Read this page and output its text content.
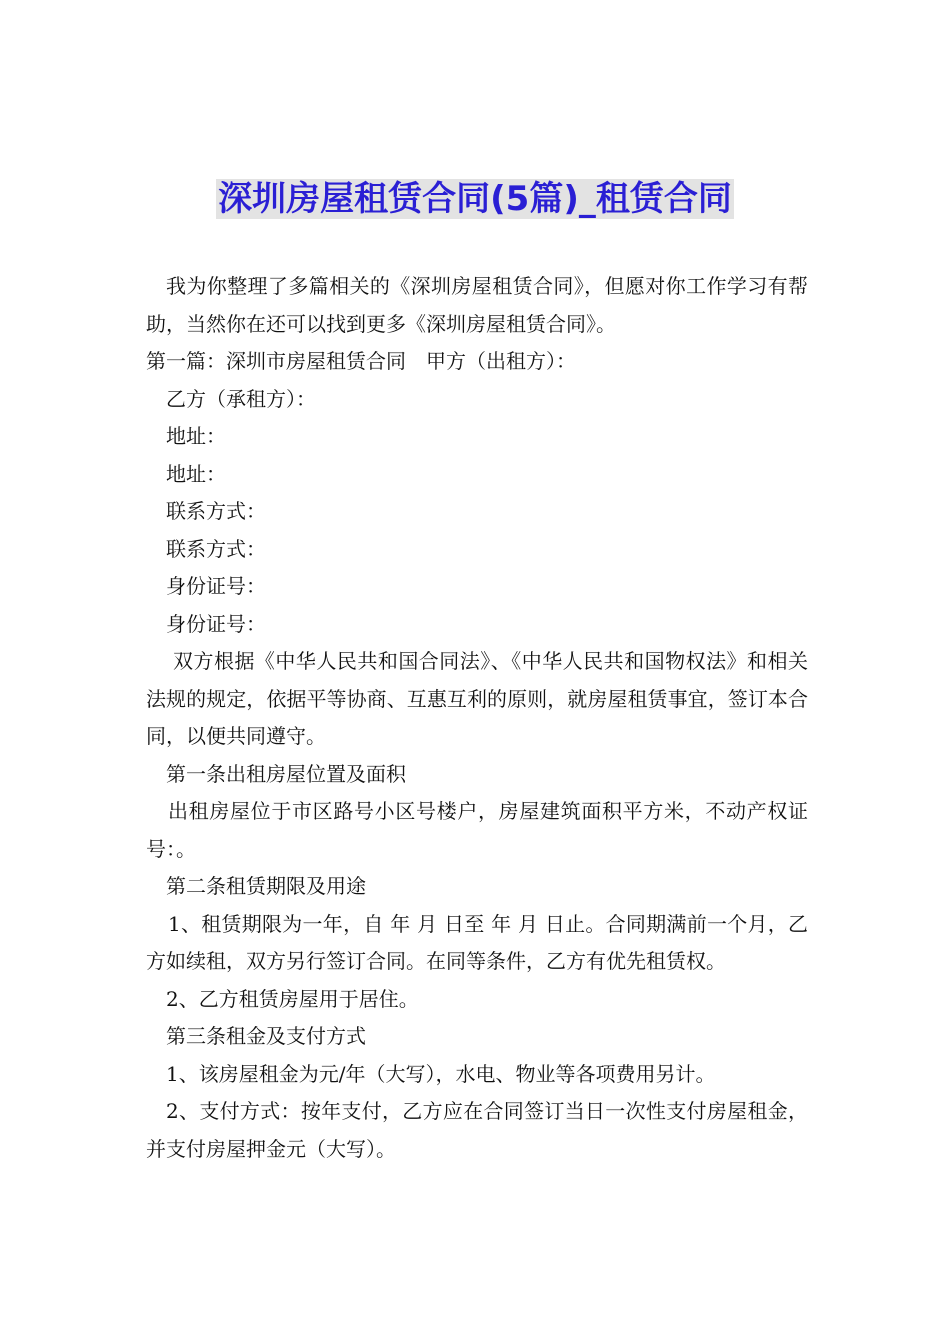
深圳房屋租赁合同(5篇)_租赁合同

我为你整理了多篇相关的《深圳房屋租赁合同》，但愿对你工作学习有帮助，当然你在还可以找到更多《深圳房屋租赁合同》。

第一篇：深圳市房屋租赁合同　甲方（出租方）：

乙方（承租方）：

地址：

地址：

联系方式：

联系方式：

身份证号：

身份证号：

双方根据《中华人民共和国合同法》、《中华人民共和国物权法》和相关法规的规定，依据平等协商、互惠互利的原则，就房屋租赁事宜，签订本合同，以便共同遵守。

第一条出租房屋位置及面积

出租房屋位于市区路号小区号楼户，房屋建筑面积平方米，不动产权证号：。

第二条租赁期限及用途

1、租赁期限为一年，自 年 月 日至 年 月 日止。合同期满前一个月，乙方如续租，双方另行签订合同。在同等条件，乙方有优先租赁权。

2、乙方租赁房屋用于居住。

第三条租金及支付方式

1、该房屋租金为元/年（大写），水电、物业等各项费用另计。

2、支付方式：按年支付，乙方应在合同签订当日一次性支付房屋租金，并支付房屋押金元（大写）。
